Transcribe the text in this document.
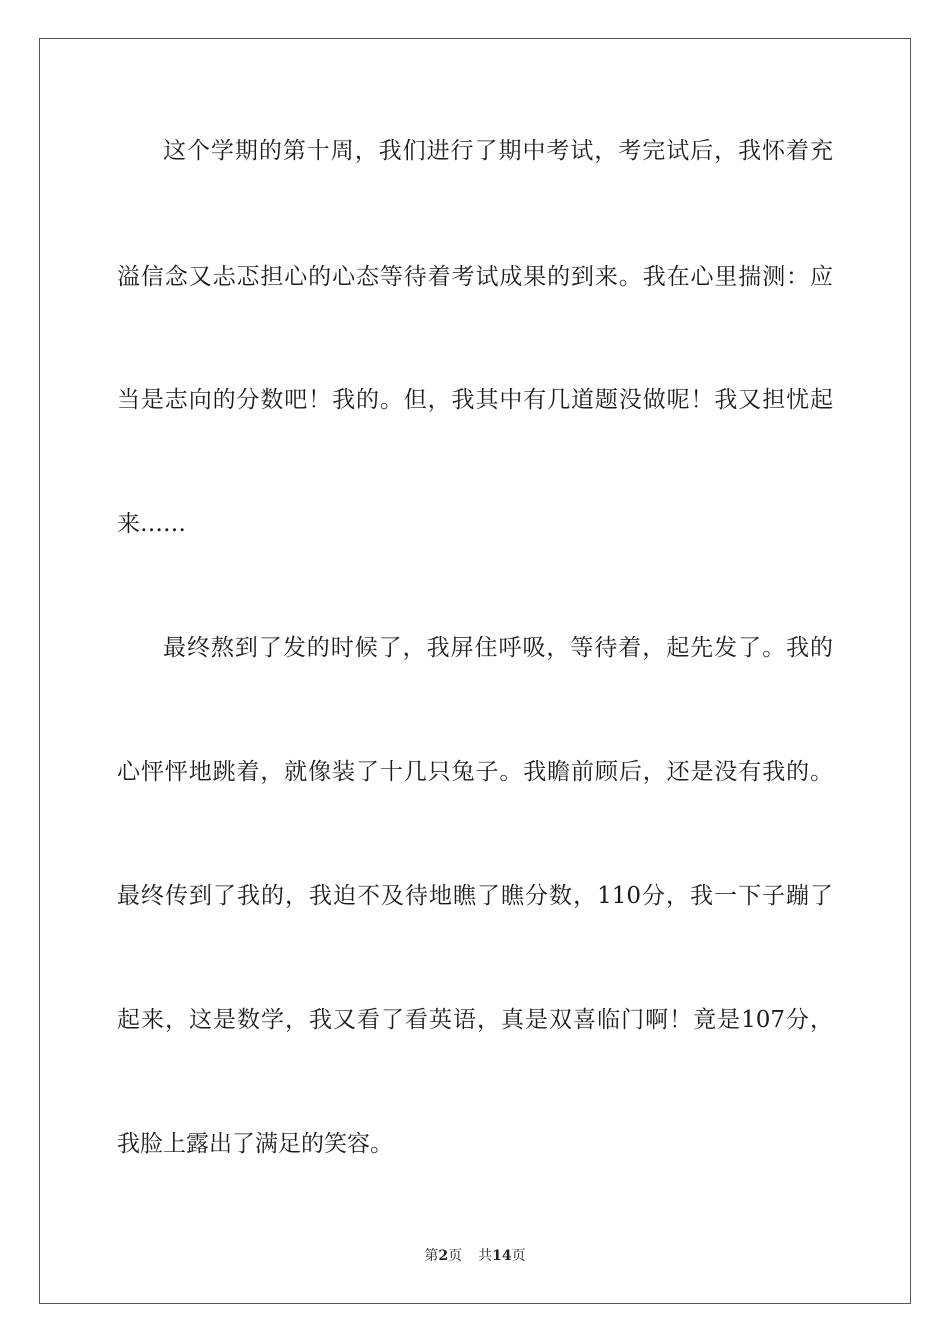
这个学期的第十周，我们进行了期中考试，考完试后，我怀着充

溢信念又忐忑担心的心态等待着考试成果的到来。我在心里揣测：应

当是志向的分数吧！我的。但，我其中有几道题没做呢！我又担忧起

来……

最终熬到了发的时候了，我屏住呼吸，等待着，起先发了。我的

心怦怦地跳着，就像装了十几只兔子。我瞻前顾后，还是没有我的。

最终传到了我的，我迫不及待地瞧了瞧分数，110分，我一下子蹦了

起来，这是数学，我又看了看英语，真是双喜临门啊！竟是107分，

我脸上露出了满足的笑容。

第2页 共14页
